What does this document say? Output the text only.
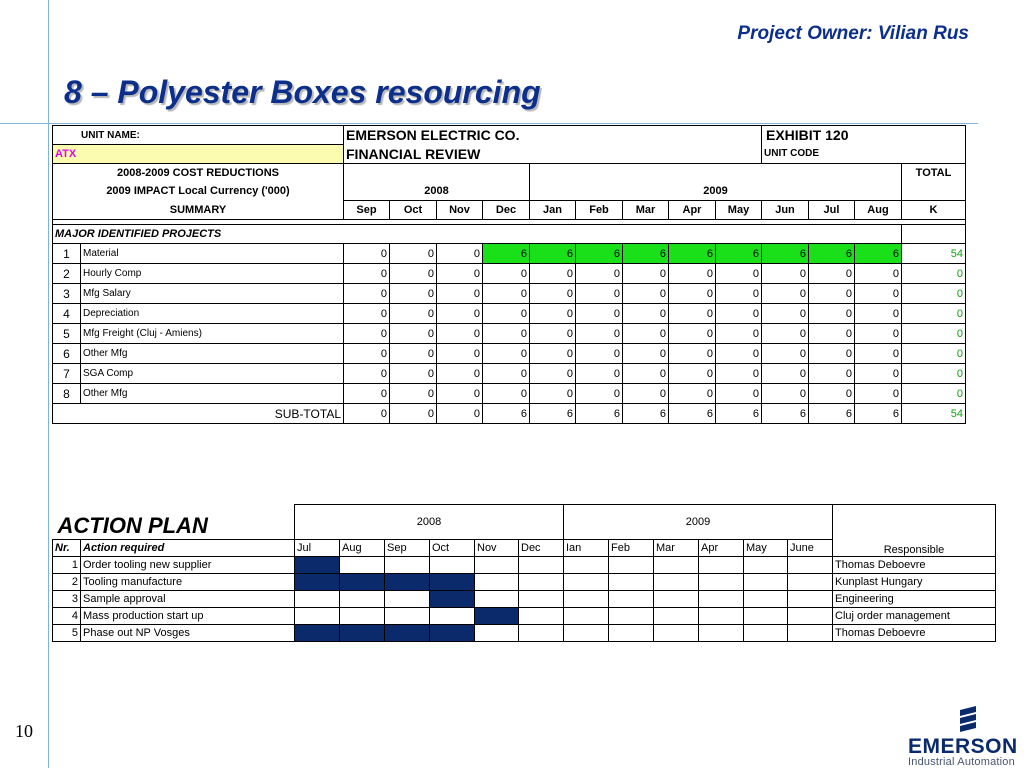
Project Owner: Vilian Rus
8 – Polyester Boxes resourcing
UNIT NAME:		EMERSON ELECTRIC CO.									EXHIBIT 120			
ATX		FINANCIAL REVIEW									UNIT CODE			
2008-2009 COST REDUCTIONS														TOTAL
2009 IMPACT Local Currency ('000)		2008				2009								
SUMMARY		Sep	Oct	Nov	Dec	Jan	Feb	Mar	Apr	May	Jun	Jul	Aug	K

MAJOR IDENTIFIED PROJECTS														
1	Material	0	0	0	6	6	6	6	6	6	6	6	6	54
2	Hourly Comp	0	0	0	0	0	0	0	0	0	0	0	0	0
3	Mfg Salary	0	0	0	0	0	0	0	0	0	0	0	0	0
4	Depreciation	0	0	0	0	0	0	0	0	0	0	0	0	0
5	Mfg Freight (Cluj - Amiens)	0	0	0	0	0	0	0	0	0	0	0	0	0
6	Other Mfg	0	0	0	0	0	0	0	0	0	0	0	0	0
7	SGA Comp	0	0	0	0	0	0	0	0	0	0	0	0	0
8	Other Mfg	0	0	0	0	0	0	0	0	0	0	0	0	0
SUB-TOTAL		0	0	0	6	6	6	6	6	6	6	6	6	54
ACTION PLAN		2008						2009						Responsible
Nr.	Action required	Jul	Aug	Sep	Oct	Nov	Dec	Ian	Feb	Mar	Apr	May	June	
1	Order tooling new supplier													Thomas Deboevre
2	Tooling manufacture													Kunplast Hungary
3	Sample approval													Engineering
4	Mass production start up													Cluj order management
5	Phase out NP Vosges													Thomas Deboevre
10
EMERSON
Industrial Automation
